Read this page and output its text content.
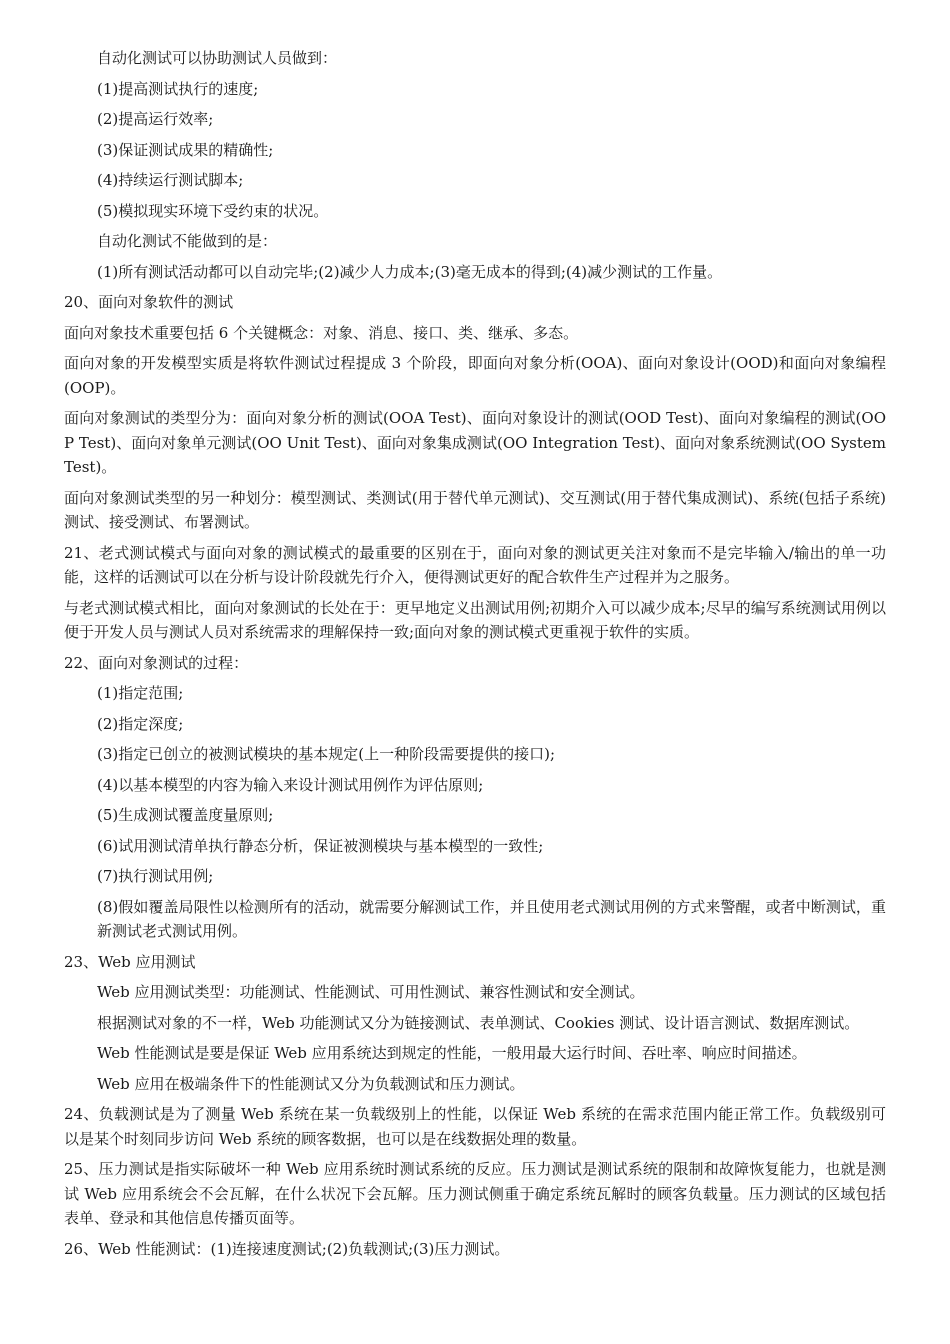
自动化测试可以协助测试人员做到：

(1)提高测试执行的速度;

(2)提高运行效率;

(3)保证测试成果的精确性;

(4)持续运行测试脚本;

(5)模拟现实环境下受约束的状况。

自动化测试不能做到的是：

(1)所有测试活动都可以自动完毕;(2)减少人力成本;(3)毫无成本的得到;(4)减少测试的工作量。

20、面向对象软件的测试

面向对象技术重要包括 6 个关键概念：对象、消息、接口、类、继承、多态。

面向对象的开发模型实质是将软件测试过程提成 3 个阶段，即面向对象分析(OOA)、面向对象设计(OOD)和面向对象编程(OOP)。

面向对象测试的类型分为：面向对象分析的测试(OOA Test)、面向对象设计的测试(OOD Test)、面向对象编程的测试(OOP Test)、面向对象单元测试(OO Unit Test)、面向对象集成测试(OO Integration Test)、面向对象系统测试(OO System Test)。

面向对象测试类型的另一种划分：模型测试、类测试(用于替代单元测试)、交互测试(用于替代集成测试)、系统(包括子系统)测试、接受测试、布署测试。

21、老式测试模式与面向对象的测试模式的最重要的区别在于，面向对象的测试更关注对象而不是完毕输入/输出的单一功能，这样的话测试可以在分析与设计阶段就先行介入，便得测试更好的配合软件生产过程并为之服务。

与老式测试模式相比，面向对象测试的长处在于：更早地定义出测试用例;初期介入可以减少成本;尽早的编写系统测试用例以便于开发人员与测试人员对系统需求的理解保持一致;面向对象的测试模式更重视于软件的实质。

22、面向对象测试的过程：

(1)指定范围;

(2)指定深度;

(3)指定已创立的被测试模块的基本规定(上一种阶段需要提供的接口);

(4)以基本模型的内容为输入来设计测试用例作为评估原则;

(5)生成测试覆盖度量原则;

(6)试用测试清单执行静态分析，保证被测模块与基本模型的一致性;

(7)执行测试用例;

(8)假如覆盖局限性以检测所有的活动，就需要分解测试工作，并且使用老式测试用例的方式来警醒，或者中断测试，重新测试老式测试用例。

23、Web 应用测试

Web 应用测试类型：功能测试、性能测试、可用性测试、兼容性测试和安全测试。

根据测试对象的不一样，Web 功能测试又分为链接测试、表单测试、Cookies 测试、设计语言测试、数据库测试。

Web 性能测试是要是保证 Web 应用系统达到规定的性能，一般用最大运行时间、吞吐率、响应时间描述。

Web 应用在极端条件下的性能测试又分为负载测试和压力测试。

24、负载测试是为了测量 Web 系统在某一负载级别上的性能，以保证 Web 系统的在需求范围内能正常工作。负载级别可以是某个时刻同步访问 Web 系统的顾客数据，也可以是在线数据处理的数量。

25、压力测试是指实际破坏一种 Web 应用系统时测试系统的反应。压力测试是测试系统的限制和故障恢复能力，也就是测试 Web 应用系统会不会瓦解，在什么状况下会瓦解。压力测试侧重于确定系统瓦解时的顾客负载量。压力测试的区域包括表单、登录和其他信息传播页面等。

26、Web 性能测试：(1)连接速度测试;(2)负载测试;(3)压力测试。
